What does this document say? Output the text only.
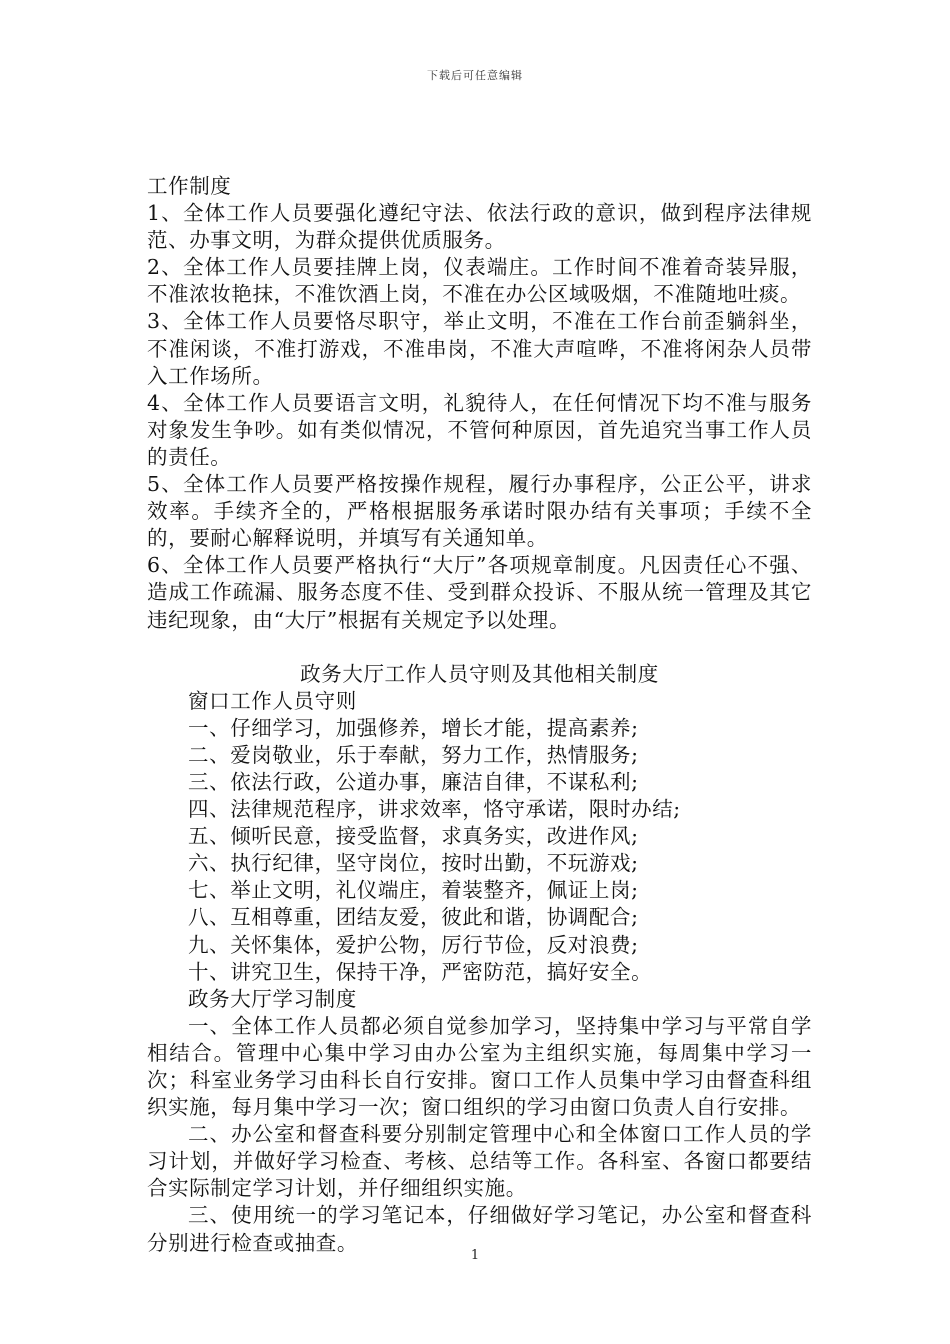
下载后可任意编辑

工作制度

1、全体工作人员要强化遵纪守法、依法行政的意识，做到程序法律规范、办事文明，为群众提供优质服务。

2、全体工作人员要挂牌上岗，仪表端庄。工作时间不准着奇装异服，不准浓妆艳抹，不准饮酒上岗，不准在办公区域吸烟，不准随地吐痰。

3、全体工作人员要恪尽职守，举止文明，不准在工作台前歪躺斜坐，不准闲谈，不准打游戏，不准串岗，不准大声喧哗，不准将闲杂人员带入工作场所。

4、全体工作人员要语言文明，礼貌待人，在任何情况下均不准与服务对象发生争吵。如有类似情况，不管何种原因，首先追究当事工作人员的责任。

5、全体工作人员要严格按操作规程，履行办事程序，公正公平，讲求效率。手续齐全的，严格根据服务承诺时限办结有关事项；手续不全的，要耐心解释说明，并填写有关通知单。

6、全体工作人员要严格执行“大厅”各项规章制度。凡因责任心不强、造成工作疏漏、服务态度不佳、受到群众投诉、不服从统一管理及其它违纪现象，由“大厅”根据有关规定予以处理。

政务大厅工作人员守则及其他相关制度

窗口工作人员守则

一、仔细学习，加强修养，增长才能，提高素养;

二、爱岗敬业，乐于奉献，努力工作，热情服务;

三、依法行政，公道办事，廉洁自律，不谋私利;

四、法律规范程序，讲求效率，恪守承诺，限时办结;

五、倾听民意，接受监督，求真务实，改进作风;

六、执行纪律，坚守岗位，按时出勤，不玩游戏;

七、举止文明，礼仪端庄，着装整齐，佩证上岗;

八、互相尊重，团结友爱，彼此和谐，协调配合;

九、关怀集体，爱护公物，厉行节俭，反对浪费;

十、讲究卫生，保持干净，严密防范，搞好安全。

政务大厅学习制度

一、全体工作人员都必须自觉参加学习，坚持集中学习与平常自学相结合。管理中心集中学习由办公室为主组织实施，每周集中学习一次；科室业务学习由科长自行安排。窗口工作人员集中学习由督查科组织实施，每月集中学习一次；窗口组织的学习由窗口负责人自行安排。

二、办公室和督查科要分别制定管理中心和全体窗口工作人员的学习计划，并做好学习检查、考核、总结等工作。各科室、各窗口都要结合实际制定学习计划，并仔细组织实施。

三、使用统一的学习笔记本，仔细做好学习笔记，办公室和督查科分别进行检查或抽查。

1
